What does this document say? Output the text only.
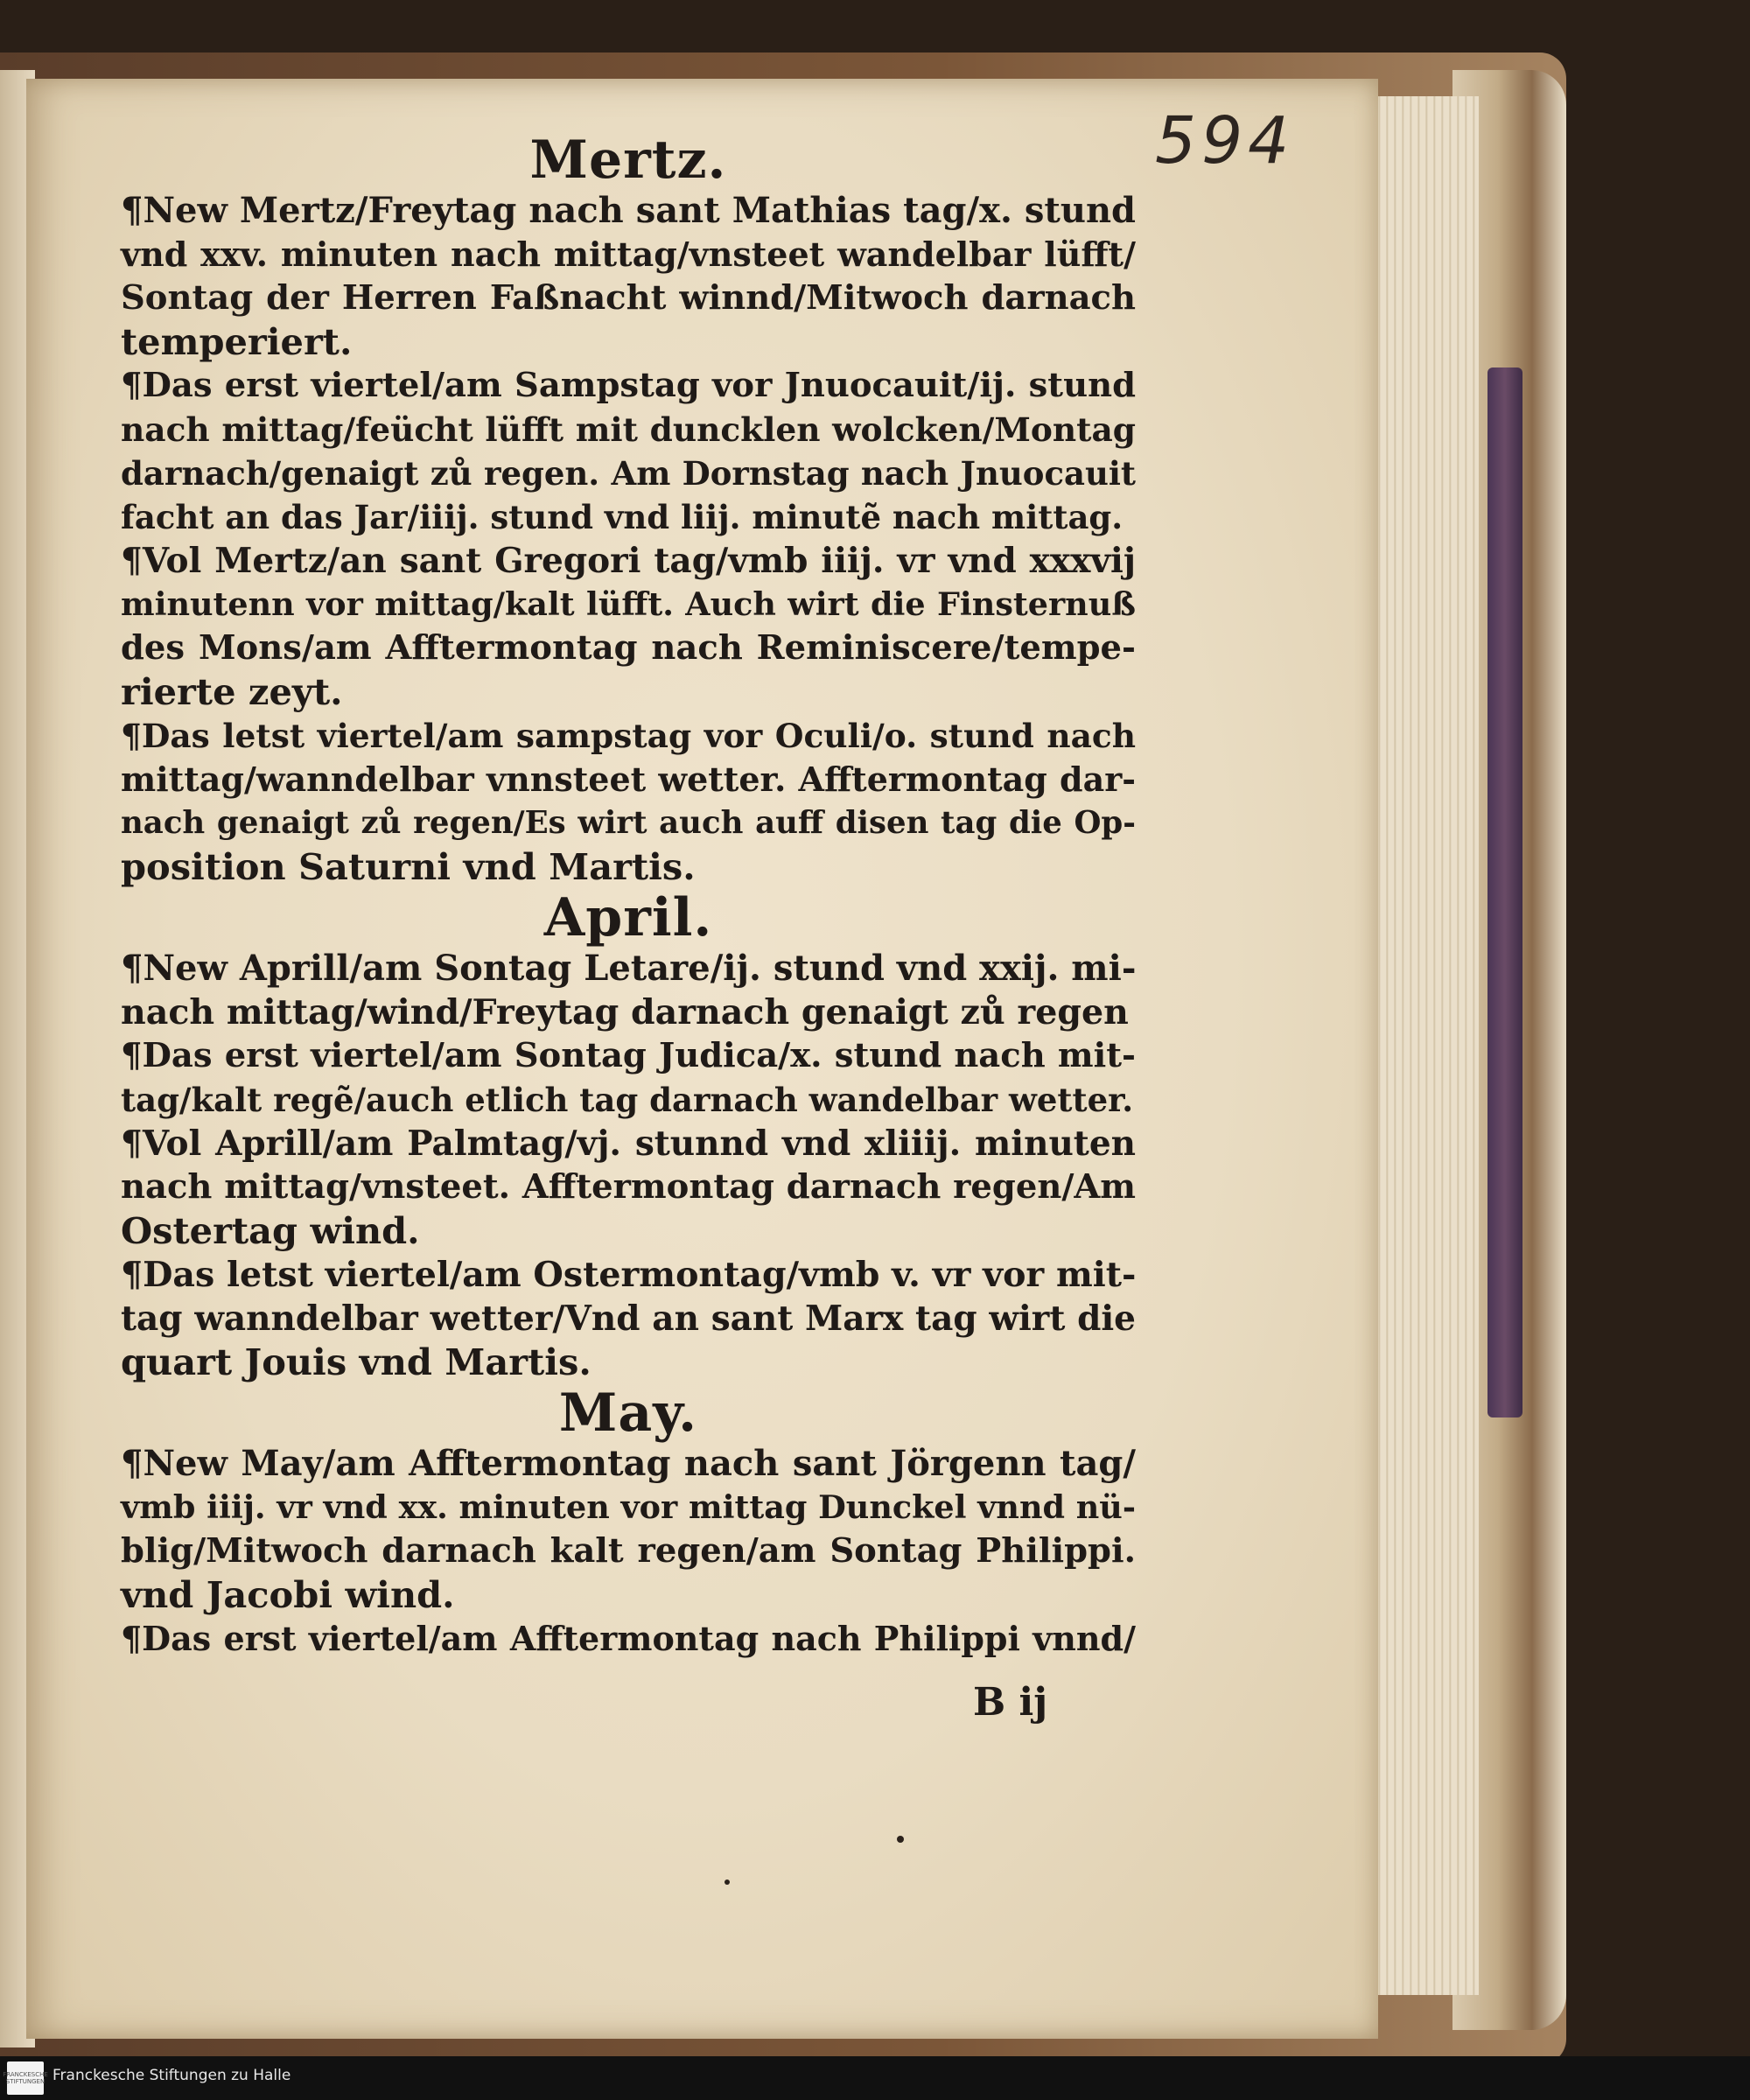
594
Mertz.

¶New Mertz/Freytag nach sant Mathias tag/x. stund
vnd xxv. minuten nach mittag/vnsteet wandelbar lüfft/
Sontag der Herren Faßnacht winnd/Mitwoch darnach
temperiert.

¶Das erst viertel/am Sampstag vor Jnuocauit/ij. stund
nach mittag/feücht lüfft mit duncklen wolcken/Montag
darnach/genaigt zů regen. Am Dornstag nach Jnuocauit
facht an das Jar/iiij. stund vnd liij. minutẽ nach mittag.

¶Vol Mertz/an sant Gregori tag/vmb iiij. vr vnd xxxvij
minutenn vor mittag/kalt lüfft. Auch wirt die Finsternuß
des Mons/am Afftermontag nach Reminiscere/tempe-
rierte zeyt.

¶Das letst viertel/am sampstag vor Oculi/o. stund nach
mittag/wanndelbar vnnsteet wetter. Afftermontag dar-
nach genaigt zů regen/Es wirt auch auff disen tag die Op-
position Saturni vnd Martis.

April.

¶New Aprill/am Sontag Letare/ij. stund vnd xxij. mi-
nach mittag/wind/Freytag darnach genaigt zů regen

¶Das erst viertel/am Sontag Judica/x. stund nach mit-
tag/kalt regẽ/auch etlich tag darnach wandelbar wetter.

¶Vol Aprill/am Palmtag/vj. stunnd vnd xliiij. minuten
nach mittag/vnsteet. Afftermontag darnach regen/Am
Ostertag wind.

¶Das letst viertel/am Ostermontag/vmb v. vr vor mit-
tag wanndelbar wetter/Vnd an sant Marx tag wirt die
quart Jouis vnd Martis.

May.

¶New May/am Afftermontag nach sant Jörgenn tag/
vmb iiij. vr vnd xx. minuten vor mittag Dunckel vnnd nü-
blig/Mitwoch darnach kalt regen/am Sontag Philippi.
vnd Jacobi wind.

¶Das erst viertel/am Afftermontag nach Philippi vnnd/

B ij
FRANCKESCHE STIFTUNGEN Franckesche Stiftungen zu Halle
